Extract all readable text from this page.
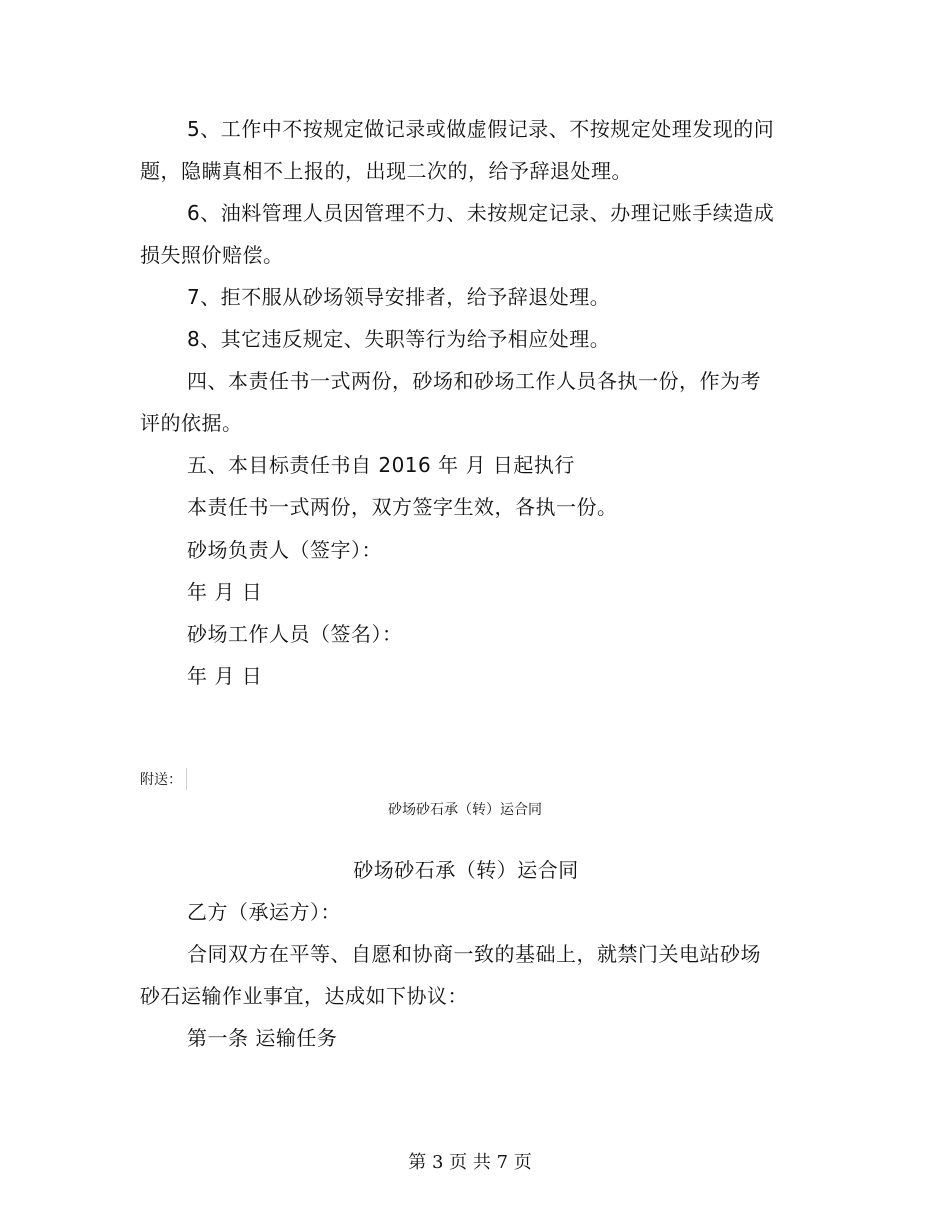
5、工作中不按规定做记录或做虚假记录、不按规定处理发现的问
题，隐瞒真相不上报的，出现二次的，给予辞退处理。
6、油料管理人员因管理不力、未按规定记录、办理记账手续造成
损失照价赔偿。
7、拒不服从砂场领导安排者，给予辞退处理。
8、其它违反规定、失职等行为给予相应处理。
四、本责任书一式两份，砂场和砂场工作人员各执一份，作为考
评的依据。
五、本目标责任书自 2016 年 月 日起执行
本责任书一式两份，双方签字生效，各执一份。
砂场负责人（签字）：
年 月 日
砂场工作人员（签名）：
年 月 日
附送：
砂场砂石承（转）运合同
砂场砂石承（转）运合同
乙方（承运方）：
合同双方在平等、自愿和协商一致的基础上，就禁门关电站砂场
砂石运输作业事宜，达成如下协议：
第一条 运输任务
第 3 页 共 7 页
